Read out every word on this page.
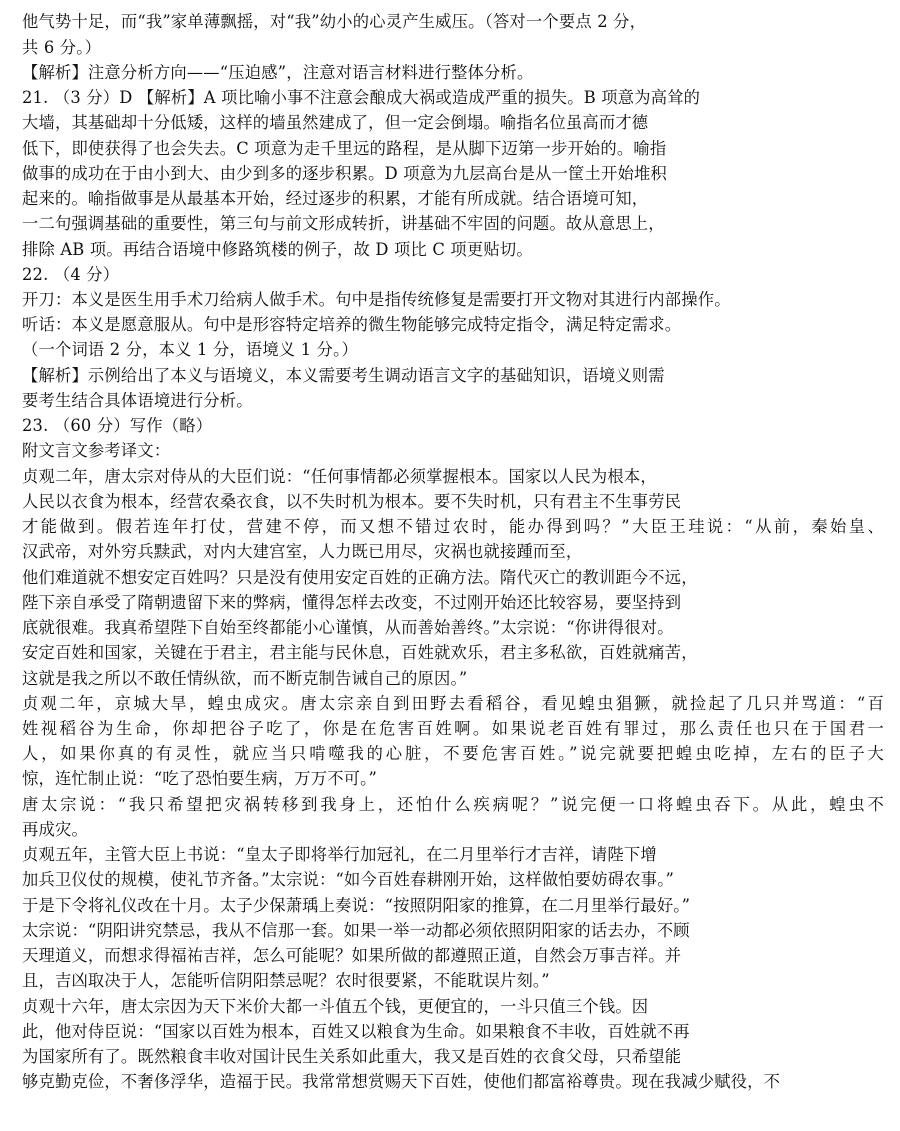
他气势十足，而“我”家单薄飘摇，对“我”幼小的心灵产生威压。（答对一个要点 2 分，
共 6 分。）
【解析】注意分析方向——“压迫感”，注意对语言材料进行整体分析。
21. （3 分）D 【解析】A 项比喻小事不注意会酿成大祸或造成严重的损失。B 项意为高耸的
大墙，其基础却十分低矮，这样的墙虽然建成了，但一定会倒塌。喻指名位虽高而才德
低下，即使获得了也会失去。C 项意为走千里远的路程，是从脚下迈第一步开始的。喻指
做事的成功在于由小到大、由少到多的逐步积累。D 项意为九层高台是从一筐土开始堆积
起来的。喻指做事是从最基本开始，经过逐步的积累，才能有所成就。结合语境可知，
一二句强调基础的重要性，第三句与前文形成转折，讲基础不牢固的问题。故从意思上，
排除 AB 项。再结合语境中修路筑楼的例子，故 D 项比 C 项更贴切。
22. （4 分）
开刀：本义是医生用手术刀给病人做手术。句中是指传统修复是需要打开文物对其进行内部操作。
听话：本义是愿意服从。句中是形容特定培养的微生物能够完成特定指令，满足特定需求。
（一个词语 2 分，本义 1 分，语境义 1 分。）
【解析】示例给出了本义与语境义，本义需要考生调动语言文字的基础知识，语境义则需
要考生结合具体语境进行分析。
23. （60 分）写作（略）
附文言文参考译文：
贞观二年，唐太宗对侍从的大臣们说：“任何事情都必须掌握根本。国家以人民为根本，
人民以衣食为根本，经营农桑衣食，以不失时机为根本。要不失时机，只有君主不生事劳民
才能做到。假若连年打仗，营建不停，而又想不错过农时，能办得到吗？”大臣王珪说：“从前，秦始皇、
汉武帝，对外穷兵黩武，对内大建宫室，人力既已用尽，灾祸也就接踵而至，
他们难道就不想安定百姓吗？只是没有使用安定百姓的正确方法。隋代灭亡的教训距今不远，
陛下亲自承受了隋朝遗留下来的弊病，懂得怎样去改变，不过刚开始还比较容易，要坚持到
底就很难。我真希望陛下自始至终都能小心谨慎，从而善始善终。”太宗说：“你讲得很对。
安定百姓和国家，关键在于君主，君主能与民休息，百姓就欢乐，君主多私欲，百姓就痛苦，
这就是我之所以不敢任情纵欲，而不断克制告诫自己的原因。”
贞观二年，京城大旱，蝗虫成灾。唐太宗亲自到田野去看稻谷，看见蝗虫猖獗，就捡起了几只并骂道：“百
姓视稻谷为生命，你却把谷子吃了，你是在危害百姓啊。如果说老百姓有罪过，那么责任也只在于国君一
人，如果你真的有灵性，就应当只啃噬我的心脏，不要危害百姓。”说完就要把蝗虫吃掉，左右的臣子大
惊，连忙制止说：“吃了恐怕要生病，万万不可。”
唐太宗说：“我只希望把灾祸转移到我身上，还怕什么疾病呢？”说完便一口将蝗虫吞下。从此，蝗虫不
再成灾。
贞观五年，主管大臣上书说：“皇太子即将举行加冠礼，在二月里举行才吉祥，请陛下增
加兵卫仪仗的规模，使礼节齐备。”太宗说：“如今百姓春耕刚开始，这样做怕要妨碍农事。”
于是下令将礼仪改在十月。太子少保萧瑀上奏说：“按照阴阳家的推算，在二月里举行最好。”
太宗说：“阴阳讲究禁忌，我从不信那一套。如果一举一动都必须依照阴阳家的话去办，不顾
天理道义，而想求得福祐吉祥，怎么可能呢？如果所做的都遵照正道，自然会万事吉祥。并
且，吉凶取决于人，怎能听信阴阳禁忌呢？农时很要紧，不能耽误片刻。”
贞观十六年，唐太宗因为天下米价大都一斗值五个钱，更便宜的，一斗只值三个钱。因
此，他对侍臣说：“国家以百姓为根本，百姓又以粮食为生命。如果粮食不丰收，百姓就不再
为国家所有了。既然粮食丰收对国计民生关系如此重大，我又是百姓的衣食父母，只希望能
够克勤克俭，不奢侈浮华，造福于民。我常常想赏赐天下百姓，使他们都富裕尊贵。现在我减少赋役，不
